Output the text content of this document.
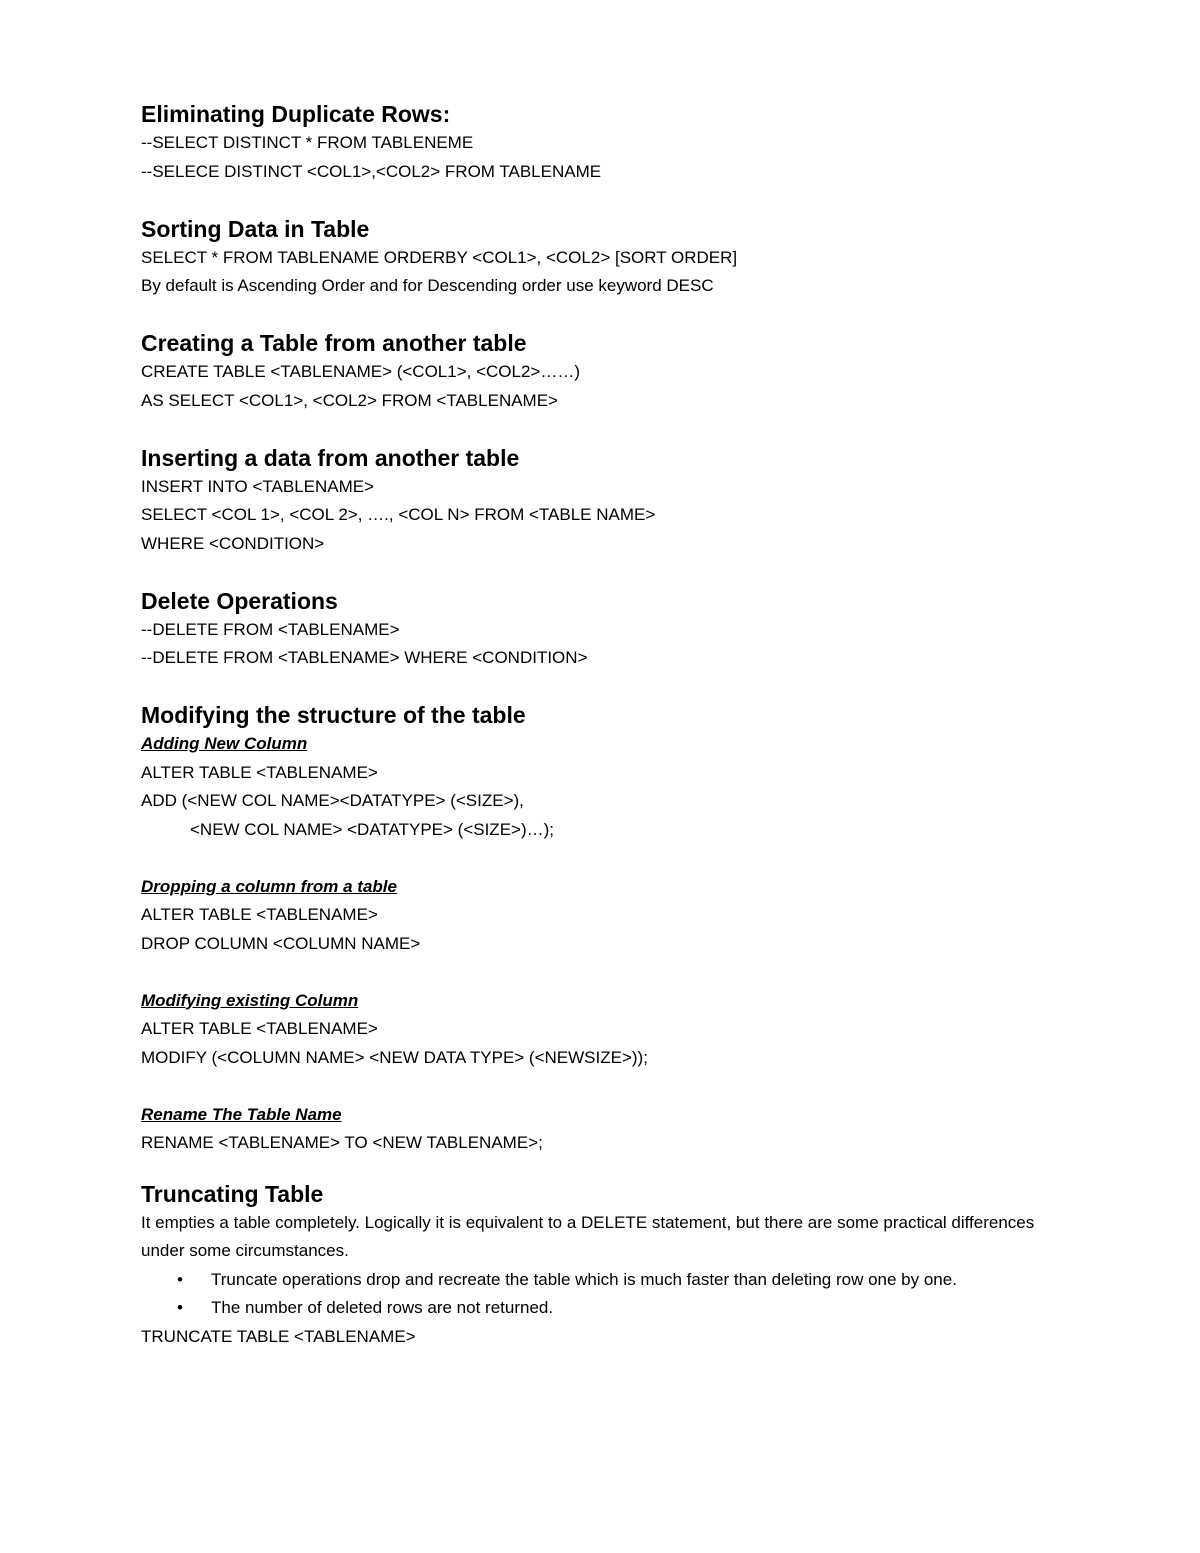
Eliminating Duplicate Rows:

--SELECT DISTINCT * FROM TABLENEME

--SELECE DISTINCT <COL1>,<COL2> FROM TABLENAME

Sorting Data in Table

SELECT * FROM TABLENAME ORDERBY <COL1>, <COL2> [SORT ORDER]

By default is Ascending Order and for Descending order use keyword DESC

Creating a Table from another table

CREATE TABLE <TABLENAME> (<COL1>, <COL2>……)

AS SELECT <COL1>, <COL2> FROM <TABLENAME>

Inserting a data from another table

INSERT INTO <TABLENAME>

SELECT <COL 1>, <COL 2>, …., <COL N> FROM <TABLE NAME>

WHERE <CONDITION>

Delete Operations

--DELETE FROM <TABLENAME>

--DELETE FROM <TABLENAME> WHERE <CONDITION>

Modifying the structure of the table

Adding New Column

ALTER TABLE <TABLENAME>

ADD (<NEW COL NAME><DATATYPE> (<SIZE>),

<NEW COL NAME> <DATATYPE> (<SIZE>)…);

Dropping a column from a table

ALTER TABLE <TABLENAME>

DROP COLUMN <COLUMN NAME>

Modifying existing Column

ALTER TABLE <TABLENAME>

MODIFY (<COLUMN NAME> <NEW DATA TYPE> (<NEWSIZE>));

Rename The Table Name

RENAME <TABLENAME> TO <NEW TABLENAME>;

Truncating Table

It empties a table completely. Logically it is equivalent to a DELETE statement, but there are some practical differences under some circumstances.

• Truncate operations drop and recreate the table which is much faster than deleting row one by one.
• The number of deleted rows are not returned.

TRUNCATE TABLE <TABLENAME>
